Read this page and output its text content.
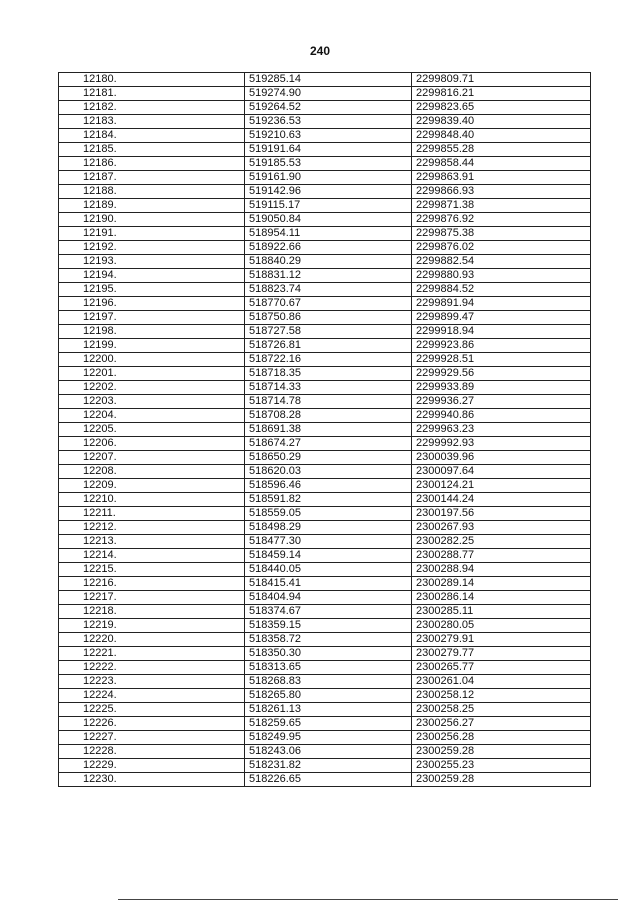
240
12180.	519285.14	2299809.71
12181.	519274.90	2299816.21
12182.	519264.52	2299823.65
12183.	519236.53	2299839.40
12184.	519210.63	2299848.40
12185.	519191.64	2299855.28
12186.	519185.53	2299858.44
12187.	519161.90	2299863.91
12188.	519142.96	2299866.93
12189.	519115.17	2299871.38
12190.	519050.84	2299876.92
12191.	518954.11	2299875.38
12192.	518922.66	2299876.02
12193.	518840.29	2299882.54
12194.	518831.12	2299880.93
12195.	518823.74	2299884.52
12196.	518770.67	2299891.94
12197.	518750.86	2299899.47
12198.	518727.58	2299918.94
12199.	518726.81	2299923.86
12200.	518722.16	2299928.51
12201.	518718.35	2299929.56
12202.	518714.33	2299933.89
12203.	518714.78	2299936.27
12204.	518708.28	2299940.86
12205.	518691.38	2299963.23
12206.	518674.27	2299992.93
12207.	518650.29	2300039.96
12208.	518620.03	2300097.64
12209.	518596.46	2300124.21
12210.	518591.82	2300144.24
12211.	518559.05	2300197.56
12212.	518498.29	2300267.93
12213.	518477.30	2300282.25
12214.	518459.14	2300288.77
12215.	518440.05	2300288.94
12216.	518415.41	2300289.14
12217.	518404.94	2300286.14
12218.	518374.67	2300285.11
12219.	518359.15	2300280.05
12220.	518358.72	2300279.91
12221.	518350.30	2300279.77
12222.	518313.65	2300265.77
12223.	518268.83	2300261.04
12224.	518265.80	2300258.12
12225.	518261.13	2300258.25
12226.	518259.65	2300256.27
12227.	518249.95	2300256.28
12228.	518243.06	2300259.28
12229.	518231.82	2300255.23
12230.	518226.65	2300259.28
